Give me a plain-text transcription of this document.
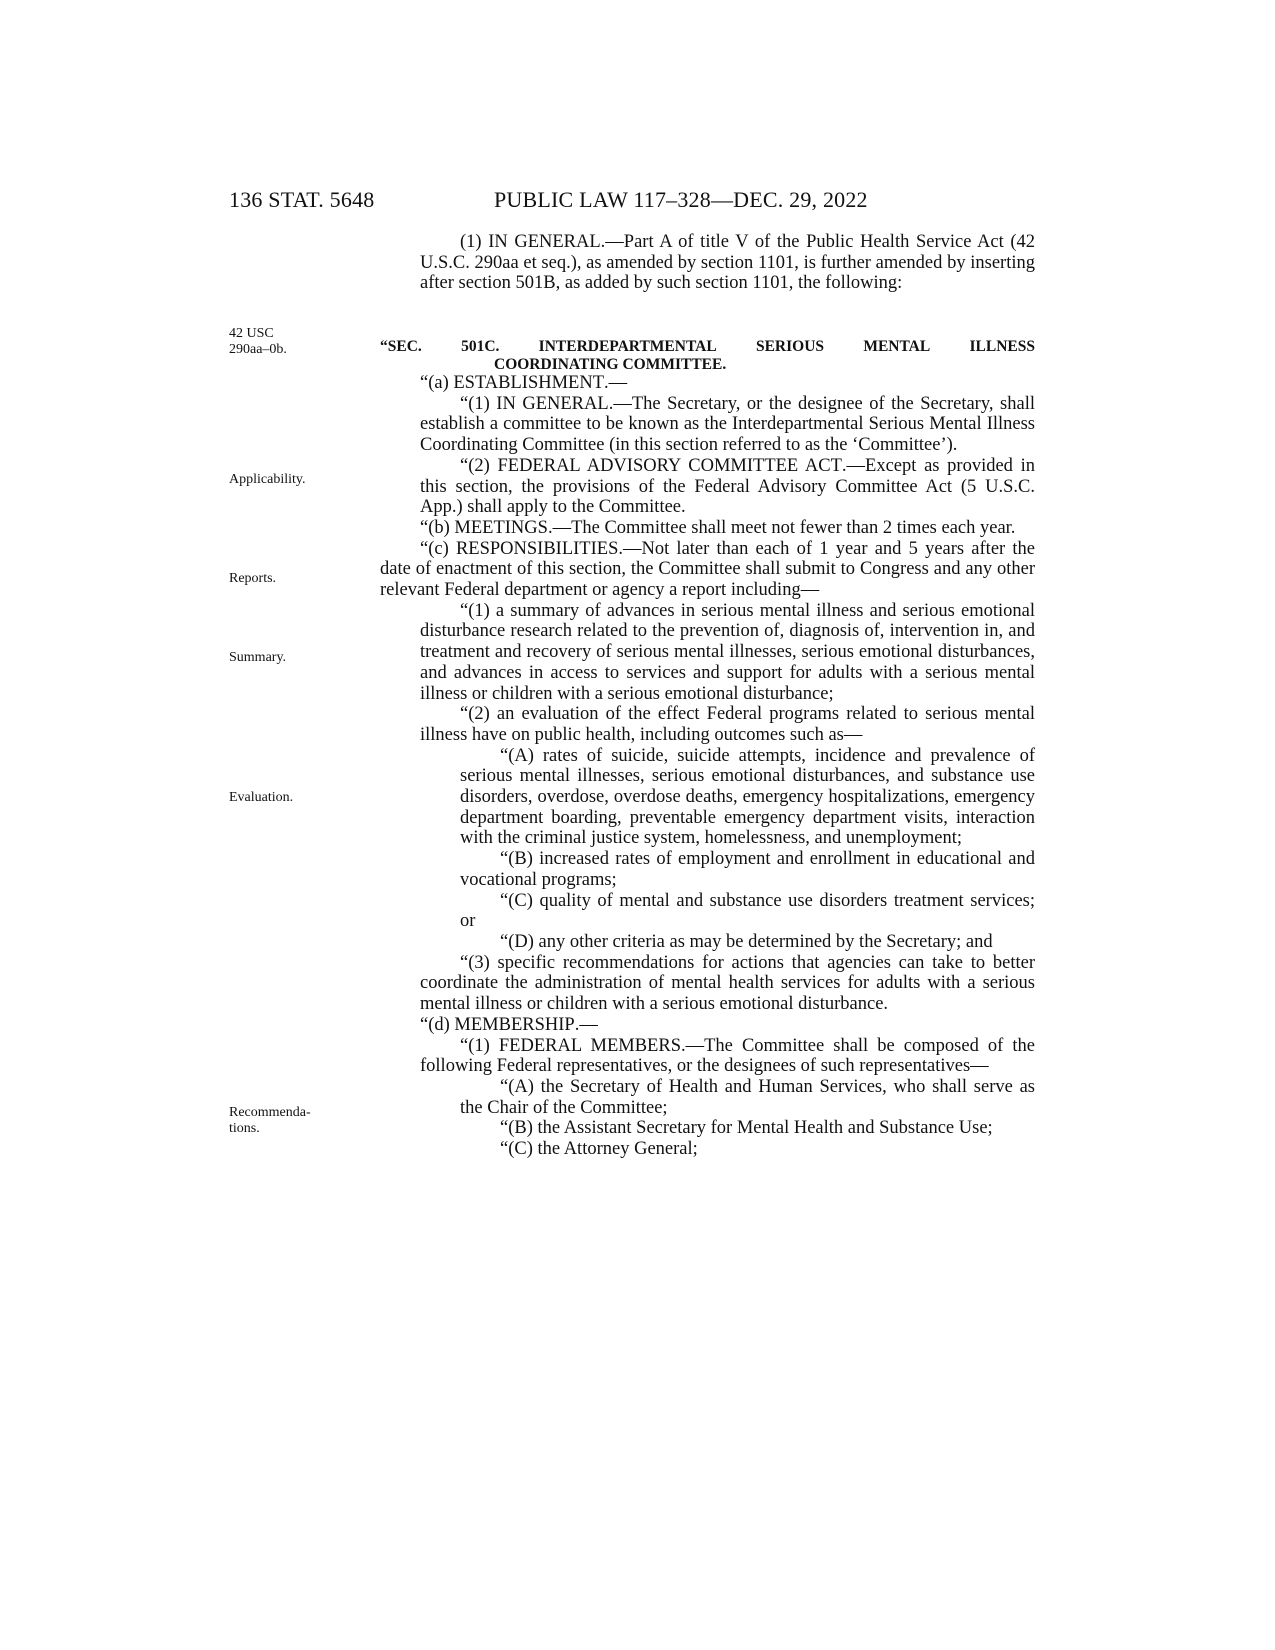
136 STAT. 5648	PUBLIC LAW 117–328—DEC. 29, 2022
42 USC
290aa–0b.
Applicability.
Reports.
Summary.
Evaluation.
Recommenda-
tions.

(1) IN GENERAL.—Part A of title V of the Public Health Service Act (42 U.S.C. 290aa et seq.), as amended by section 1101, is further amended by inserting after section 501B, as added by such section 1101, the following:

“SEC.	501C.	INTERDEPARTMENTAL	SERIOUS	MENTAL	ILLNESS
COORDINATING COMMITTEE.

“(a) ESTABLISHMENT.—

“(1) IN GENERAL.—The Secretary, or the designee of the Secretary, shall establish a committee to be known as the Interdepartmental Serious Mental Illness Coordinating Committee (in this section referred to as the ‘Committee’).

“(2) FEDERAL ADVISORY COMMITTEE ACT.—Except as provided in this section, the provisions of the Federal Advisory Committee Act (5 U.S.C. App.) shall apply to the Committee.

“(b) MEETINGS.—The Committee shall meet not fewer than 2 times each year.

“(c) RESPONSIBILITIES.—Not later than each of 1 year and 5 years after the date of enactment of this section, the Committee shall submit to Congress and any other relevant Federal department or agency a report including—

“(1) a summary of advances in serious mental illness and serious emotional disturbance research related to the prevention of, diagnosis of, intervention in, and treatment and recovery of serious mental illnesses, serious emotional disturbances, and advances in access to services and support for adults with a serious mental illness or children with a serious emotional disturbance;

“(2) an evaluation of the effect Federal programs related to serious mental illness have on public health, including outcomes such as—

“(A) rates of suicide, suicide attempts, incidence and prevalence of serious mental illnesses, serious emotional disturbances, and substance use disorders, overdose, overdose deaths, emergency hospitalizations, emergency department boarding, preventable emergency department visits, interaction with the criminal justice system, homelessness, and unemployment;

“(B) increased rates of employment and enrollment in educational and vocational programs;

“(C) quality of mental and substance use disorders treatment services; or

“(D) any other criteria as may be determined by the Secretary; and

“(3) specific recommendations for actions that agencies can take to better coordinate the administration of mental health services for adults with a serious mental illness or children with a serious emotional disturbance.

“(d) MEMBERSHIP.—

“(1) FEDERAL MEMBERS.—The Committee shall be composed of the following Federal representatives, or the designees of such representatives—

“(A) the Secretary of Health and Human Services, who shall serve as the Chair of the Committee;

“(B) the Assistant Secretary for Mental Health and Substance Use;

“(C) the Attorney General;
